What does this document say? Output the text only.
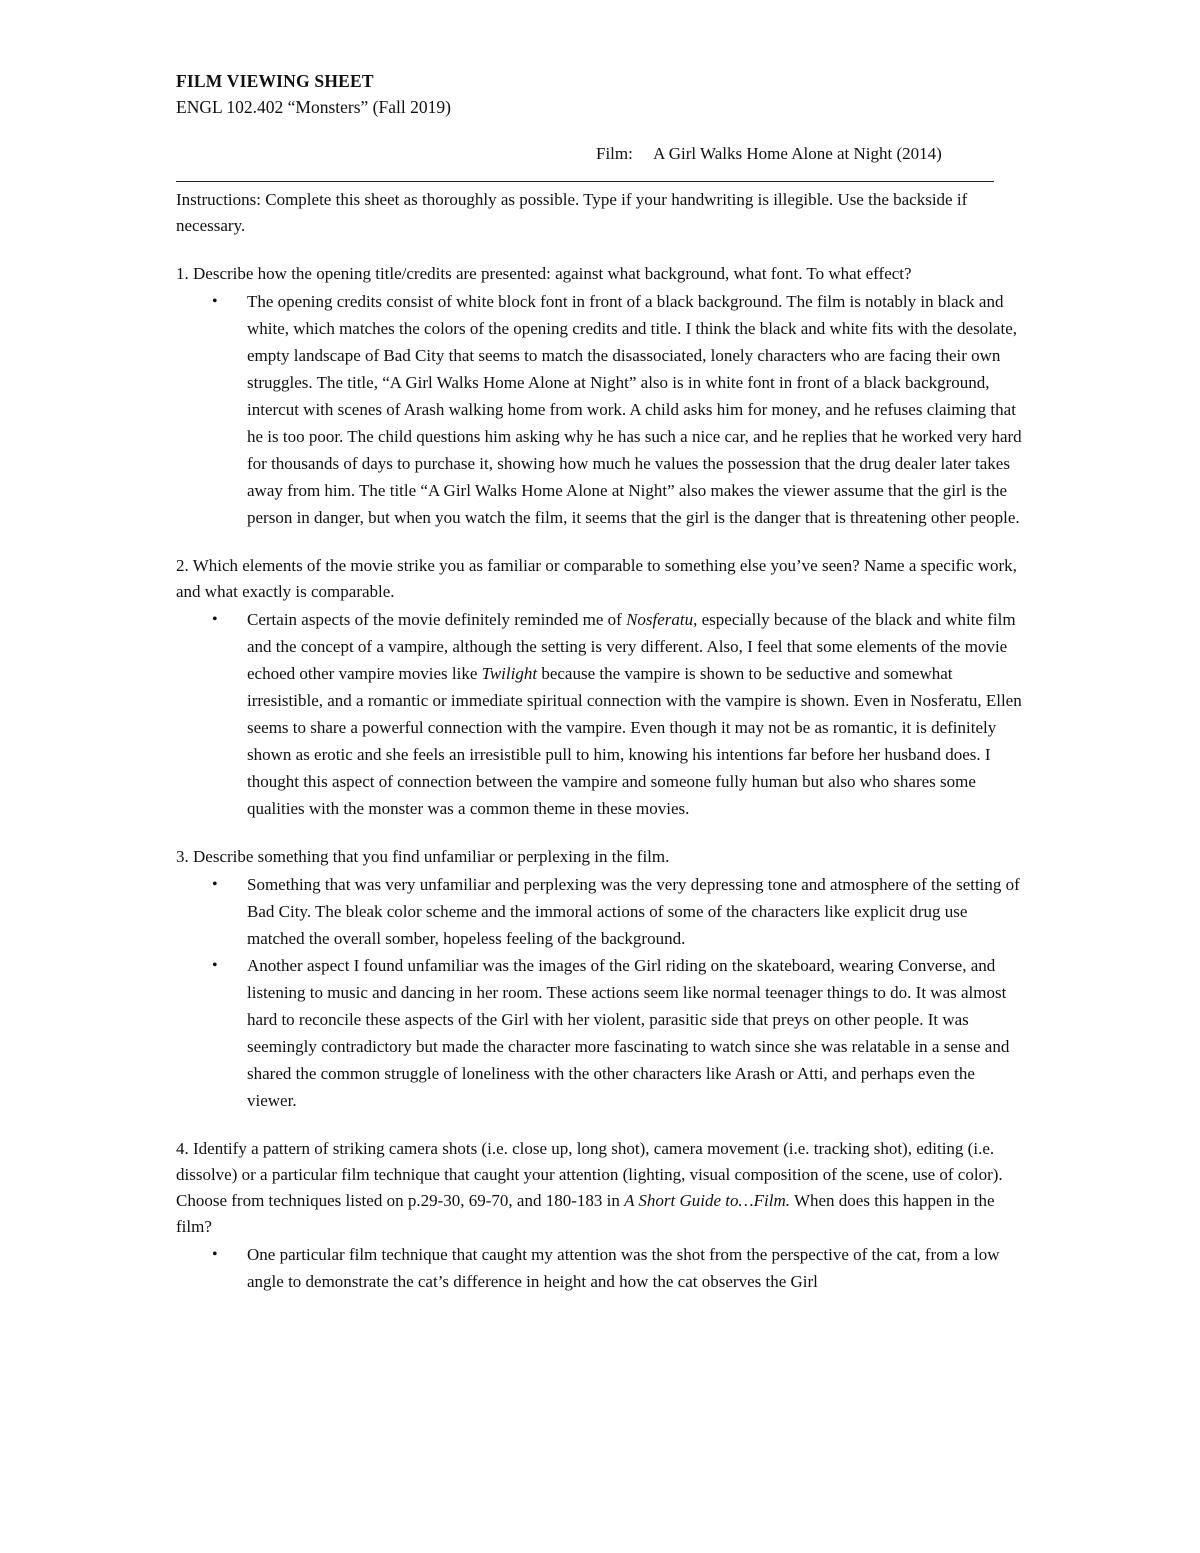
FILM VIEWING SHEET
ENGL 102.402 “Monsters” (Fall 2019)
Film: A Girl Walks Home Alone at Night (2014)
Instructions: Complete this sheet as thoroughly as possible. Type if your handwriting is illegible. Use the backside if necessary.
1. Describe how the opening title/credits are presented: against what background, what font. To what effect?
• The opening credits consist of white block font in front of a black background. The film is notably in black and white, which matches the colors of the opening credits and title. I think the black and white fits with the desolate, empty landscape of Bad City that seems to match the disassociated, lonely characters who are facing their own struggles. The title, “A Girl Walks Home Alone at Night” also is in white font in front of a black background, intercut with scenes of Arash walking home from work. A child asks him for money, and he refuses claiming that he is too poor. The child questions him asking why he has such a nice car, and he replies that he worked very hard for thousands of days to purchase it, showing how much he values the possession that the drug dealer later takes away from him. The title “A Girl Walks Home Alone at Night” also makes the viewer assume that the girl is the person in danger, but when you watch the film, it seems that the girl is the danger that is threatening other people.
2. Which elements of the movie strike you as familiar or comparable to something else you’ve seen? Name a specific work, and what exactly is comparable.
• Certain aspects of the movie definitely reminded me of Nosferatu, especially because of the black and white film and the concept of a vampire, although the setting is very different. Also, I feel that some elements of the movie echoed other vampire movies like Twilight because the vampire is shown to be seductive and somewhat irresistible, and a romantic or immediate spiritual connection with the vampire is shown. Even in Nosferatu, Ellen seems to share a powerful connection with the vampire. Even though it may not be as romantic, it is definitely shown as erotic and she feels an irresistible pull to him, knowing his intentions far before her husband does. I thought this aspect of connection between the vampire and someone fully human but also who shares some qualities with the monster was a common theme in these movies.
3. Describe something that you find unfamiliar or perplexing in the film.
• Something that was very unfamiliar and perplexing was the very depressing tone and atmosphere of the setting of Bad City. The bleak color scheme and the immoral actions of some of the characters like explicit drug use matched the overall somber, hopeless feeling of the background.
• Another aspect I found unfamiliar was the images of the Girl riding on the skateboard, wearing Converse, and listening to music and dancing in her room. These actions seem like normal teenager things to do. It was almost hard to reconcile these aspects of the Girl with her violent, parasitic side that preys on other people. It was seemingly contradictory but made the character more fascinating to watch since she was relatable in a sense and shared the common struggle of loneliness with the other characters like Arash or Atti, and perhaps even the viewer.
4. Identify a pattern of striking camera shots (i.e. close up, long shot), camera movement (i.e. tracking shot), editing (i.e. dissolve) or a particular film technique that caught your attention (lighting, visual composition of the scene, use of color). Choose from techniques listed on p.29-30, 69-70, and 180-183 in A Short Guide to…Film. When does this happen in the film?
• One particular film technique that caught my attention was the shot from the perspective of the cat, from a low angle to demonstrate the cat’s difference in height and how the cat observes the Girl
